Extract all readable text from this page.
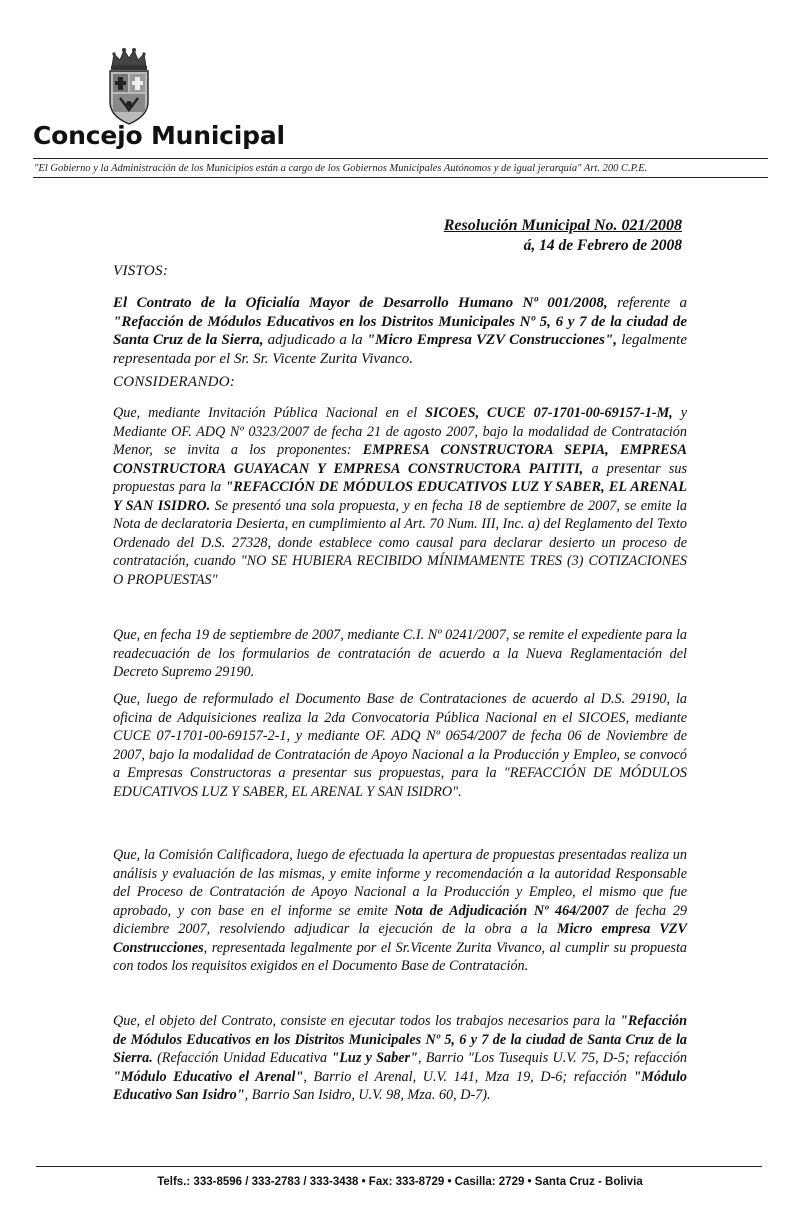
Concejo Municipal
"El Gobierno y la Administración de los Municipios están a cargo de los Gobiernos Municipales Autónomos y de igual jerarquía" Art. 200 C.P.E.
Resolución Municipal No. 021/2008
á, 14 de Febrero de 2008
VISTOS:
El Contrato de la Oficialía Mayor de Desarrollo Humano Nº 001/2008, referente a "Refacción de Módulos Educativos en los Distritos Municipales Nº 5, 6 y 7 de la ciudad de Santa Cruz de la Sierra, adjudicado a la "Micro Empresa VZV Construcciones", legalmente representada por el Sr. Sr. Vicente Zurita Vivanco.
CONSIDERANDO:
Que, mediante Invitación Pública Nacional en el SICOES, CUCE 07-1701-00-69157-1-M, y Mediante OF. ADQ Nº 0323/2007 de fecha 21 de agosto 2007, bajo la modalidad de Contratación Menor, se invita a los proponentes: EMPRESA CONSTRUCTORA SEPIA, EMPRESA CONSTRUCTORA GUAYACAN Y EMPRESA CONSTRUCTORA PAITITI, a presentar sus propuestas para la "REFACCIÓN DE MÓDULOS EDUCATIVOS LUZ Y SABER, EL ARENAL Y SAN ISIDRO. Se presentó una sola propuesta, y en fecha 18 de septiembre de 2007, se emite la Nota de declaratoria Desierta, en cumplimiento al Art. 70 Num. III, Inc. a) del Reglamento del Texto Ordenado del D.S. 27328, donde establece como causal para declarar desierto un proceso de contratación, cuando "NO SE HUBIERA RECIBIDO MÍNIMAMENTE TRES (3) COTIZACIONES O PROPUESTAS"
Que, en fecha 19 de septiembre de 2007, mediante C.I. Nº 0241/2007, se remite el expediente para la readecuación de los formularios de contratación de acuerdo a la Nueva Reglamentación del Decreto Supremo 29190.
Que, luego de reformulado el Documento Base de Contrataciones de acuerdo al D.S. 29190, la oficina de Adquisiciones realiza la 2da Convocatoria Pública Nacional en el SICOES, mediante CUCE 07-1701-00-69157-2-1, y mediante OF. ADQ Nº 0654/2007 de fecha 06 de Noviembre de 2007, bajo la modalidad de Contratación de Apoyo Nacional a la Producción y Empleo, se convocó a Empresas Constructoras a presentar sus propuestas, para la "REFACCIÓN DE MÓDULOS EDUCATIVOS LUZ Y SABER, EL ARENAL Y SAN ISIDRO".
Que, la Comisión Calificadora, luego de efectuada la apertura de propuestas presentadas realiza un análisis y evaluación de las mismas, y emite informe y recomendación a la autoridad Responsable del Proceso de Contratación de Apoyo Nacional a la Producción y Empleo, el mismo que fue aprobado, y con base en el informe se emite Nota de Adjudicación Nº 464/2007 de fecha 29 diciembre 2007, resolviendo adjudicar la ejecución de la obra a la Micro empresa VZV Construcciones, representada legalmente por el Sr.Vicente Zurita Vivanco, al cumplir su propuesta con todos los requisitos exigidos en el Documento Base de Contratación.
Que, el objeto del Contrato, consiste en ejecutar todos los trabajos necesarios para la "Refacción de Módulos Educativos en los Distritos Municipales Nº 5, 6 y 7 de la ciudad de Santa Cruz de la Sierra. (Refacción Unidad Educativa "Luz y Saber", Barrio "Los Tusequis U.V. 75, D-5; refacción "Módulo Educativo el Arenal", Barrio el Arenal, U.V. 141, Mza 19, D-6; refacción "Módulo Educativo San Isidro", Barrio San Isidro, U.V. 98, Mza. 60, D-7).
Telfs.: 333-8596 / 333-2783 / 333-3438 • Fax: 333-8729 • Casilla: 2729 • Santa Cruz - Bolivia
